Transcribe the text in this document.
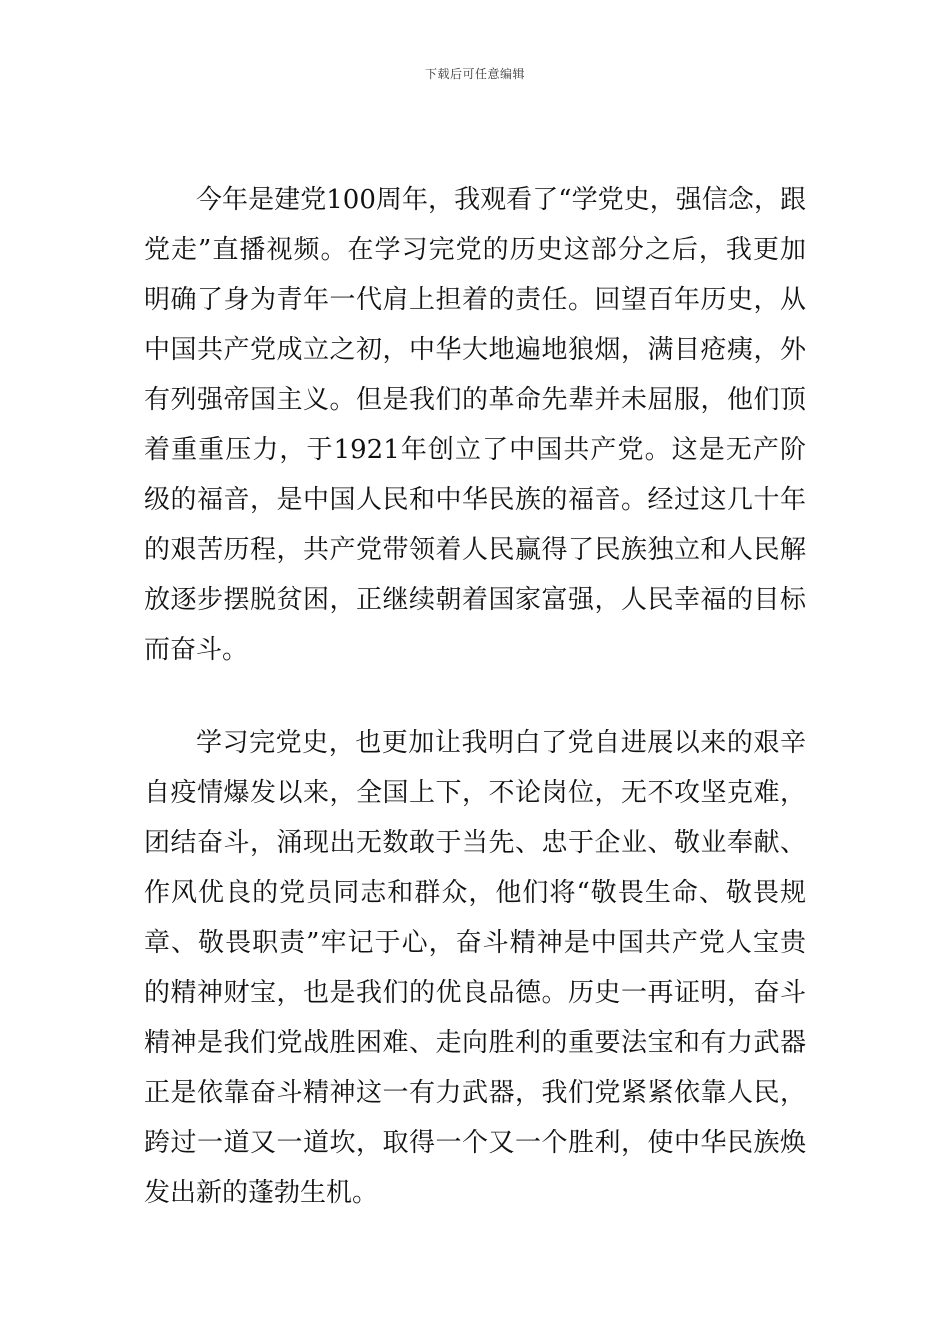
下载后可任意编辑

今年是建党100周年，我观看了“学党史，强信念，跟党走”直播视频。在学习完党的历史这部分之后，我更加明确了身为青年一代肩上担着的责任。回望百年历史，从中国共产党成立之初，中华大地遍地狼烟，满目疮痍，外有列强帝国主义。但是我们的革命先辈并未屈服，他们顶着重重压力，于1921年创立了中国共产党。这是无产阶级的福音，是中国人民和中华民族的福音。经过这几十年的艰苦历程，共产党带领着人民赢得了民族独立和人民解放逐步摆脱贫困，正继续朝着国家富强，人民幸福的目标而奋斗。

学习完党史，也更加让我明白了党自进展以来的艰辛自疫情爆发以来，全国上下，不论岗位，无不攻坚克难，团结奋斗，涌现出无数敢于当先、忠于企业、敬业奉献、作风优良的党员同志和群众，他们将“敬畏生命、敬畏规章、敬畏职责”牢记于心，奋斗精神是中国共产党人宝贵的精神财宝，也是我们的优良品德。历史一再证明，奋斗精神是我们党战胜困难、走向胜利的重要法宝和有力武器正是依靠奋斗精神这一有力武器，我们党紧紧依靠人民，跨过一道又一道坎，取得一个又一个胜利，使中华民族焕发出新的蓬勃生机。
